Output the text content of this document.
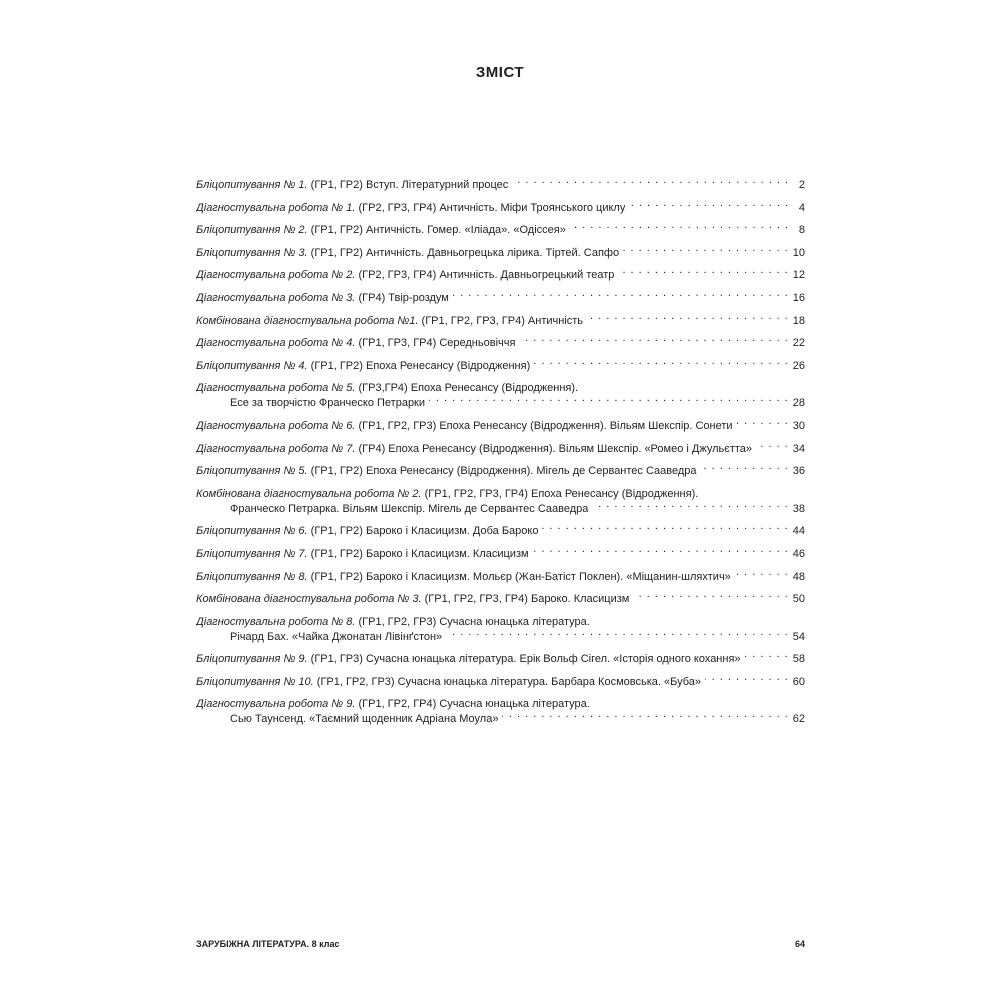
ЗМІСТ
Бліцопитування № 1. (ГР1, ГР2) Вступ. Літературний процес . . .	2
Діагностувальна робота № 1. (ГР2, ГР3, ГР4) Античність. Міфи Троянського циклу . . .	4
Бліцопитування № 2. (ГР1, ГР2) Античність. Гомер. «Іліада». «Одіссея» . . .	8
Бліцопитування № 3. (ГР1, ГР2) Античність. Давньогрецька лірика. Тіртей. Сапфо . . .	10
Діагностувальна робота № 2. (ГР2, ГР3, ГР4) Античність. Давньогрецький театр . . .	12
Діагностувальна робота № 3. (ГР4) Твір-роздум . . .	16
Комбінована діагностувальна робота №1. (ГР1, ГР2, ГР3, ГР4) Античність . . .	18
Діагностувальна робота № 4. (ГР1, ГР3, ГР4) Середньовіччя . . .	22
Бліцопитування № 4. (ГР1, ГР2) Епоха Ренесансу (Відродження) . . .	26
Діагностувальна робота № 5. (ГР3,ГР4) Епоха Ренесансу (Відродження).
Есе за творчістю Франческо Петрарки . . .	28
Діагностувальна робота № 6. (ГР1, ГР2, ГР3) Епоха Ренесансу (Відродження). Вільям Шекспір. Сонети . . .	30
Діагностувальна робота № 7. (ГР4) Епоха Ренесансу (Відродження). Вільям Шекспір. «Ромео і Джульєтта» . . .	34
Бліцопитування № 5. (ГР1, ГР2) Епоха Ренесансу (Відродження). Мігель де Сервантес Сааведра . . .	36
Комбінована діагностувальна робота № 2. (ГР1, ГР2, ГР3, ГР4) Епоха Ренесансу (Відродження).
Франческо Петрарка. Вільям Шекспір. Мігель де Сервантес Сааведра . . .	38
Бліцопитування № 6. (ГР1, ГР2) Бароко і Класицизм. Доба Бароко . . .	44
Бліцопитування № 7. (ГР1, ГР2) Бароко і Класицизм. Класицизм . . .	46
Бліцопитування № 8. (ГР1, ГР2) Бароко і Класицизм. Мольєр (Жан-Батіст Поклен). «Міщанин-шляхтич» . . .	48
Комбінована діагностувальна робота № 3. (ГР1, ГР2, ГР3, ГР4) Бароко. Класицизм . . .	50
Діагностувальна робота № 8. (ГР1, ГР2, ГР3) Сучасна юнацька література.
Річард Бах. «Чайка Джонатан Лівінґстон» . . .	54
Бліцопитування № 9. (ГР1, ГР3) Сучасна юнацька література. Ерік Вольф Сігел. «Історія одного кохання» . . .	58
Бліцопитування № 10. (ГР1, ГР2, ГР3) Сучасна юнацька література. Барбара Космовська. «Буба» . . .	60
Діагностувальна робота № 9. (ГР1, ГР2, ГР4) Сучасна юнацька література.
Сью Таунсенд. «Таємний щоденник Адріана Моула» . . .	62
ЗАРУБІЖНА ЛІТЕРАТУРА. 8 клас	64
